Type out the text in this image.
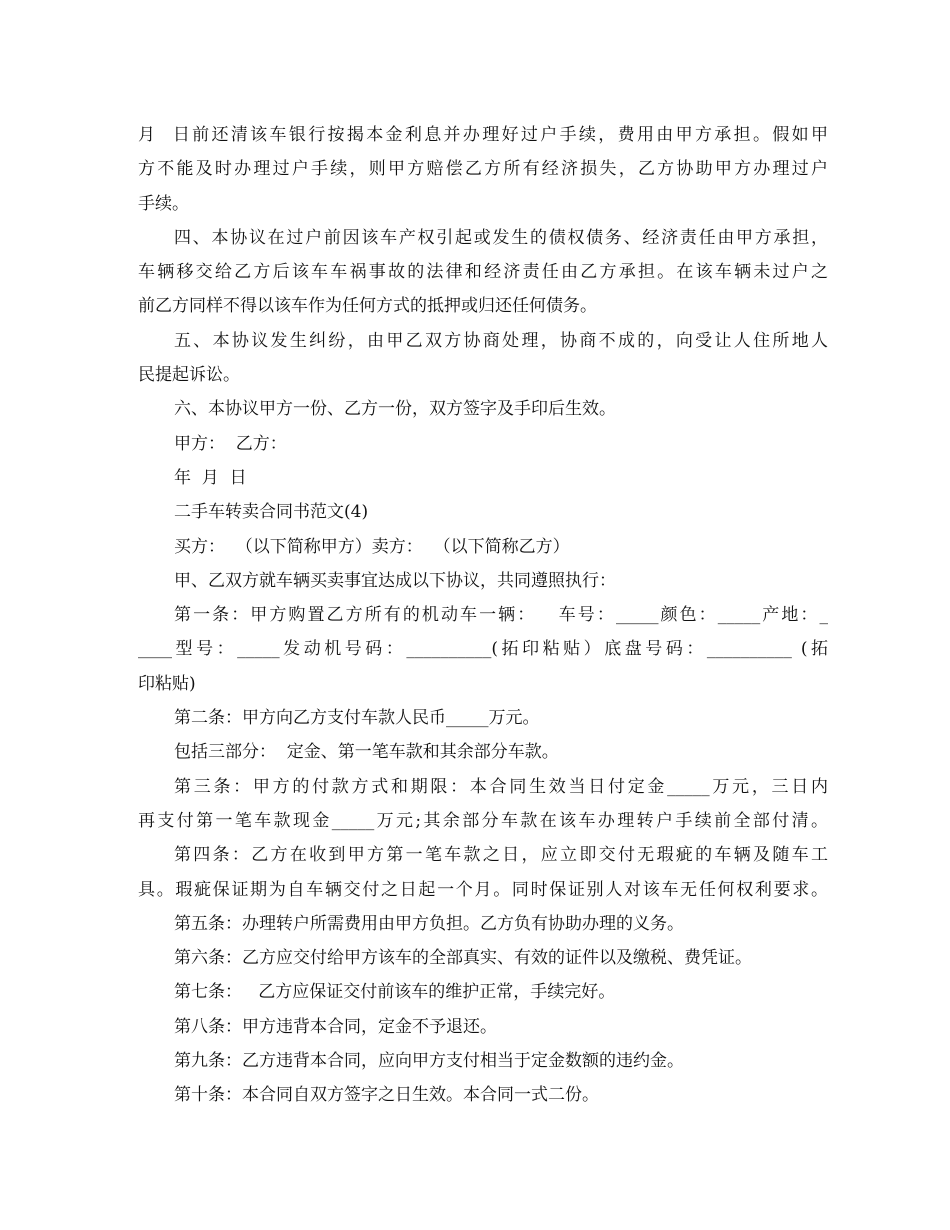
月  日前还清该车银行按揭本金利息并办理好过户手续，费用由甲方承担。假如甲
方不能及时办理过户手续，则甲方赔偿乙方所有经济损失，乙方协助甲方办理过户
手续。
四、本协议在过户前因该车产权引起或发生的债权债务、经济责任由甲方承担，
车辆移交给乙方后该车车祸事故的法律和经济责任由乙方承担。在该车辆未过户之
前乙方同样不得以该车作为任何方式的抵押或归还任何债务。
五、本协议发生纠纷，由甲乙双方协商处理，协商不成的，向受让人住所地人
民提起诉讼。
六、本协议甲方一份、乙方一份，双方签字及手印后生效。
甲方：  乙方：
年  月  日
二手车转卖合同书范文(4)
买方：  （以下简称甲方）卖方：  （以下简称乙方）
甲、乙双方就车辆买卖事宜达成以下协议，共同遵照执行：
第一条：甲方购置乙方所有的机动车一辆：   车号：_____颜色：_____产地：_
____型号：_____发动机号码：__________(拓印粘贴）底盘号码：__________ (拓
印粘贴)
第二条：甲方向乙方支付车款人民币_____万元。
包括三部分：  定金、第一笔车款和其余部分车款。
第三条：甲方的付款方式和期限：本合同生效当日付定金_____万元，三日内
再支付第一笔车款现金_____万元;其余部分车款在该车办理转户手续前全部付清。
第四条：乙方在收到甲方第一笔车款之日，应立即交付无瑕疵的车辆及随车工
具。瑕疵保证期为自车辆交付之日起一个月。同时保证别人对该车无任何权利要求。
第五条：办理转户所需费用由甲方负担。乙方负有协助办理的义务。
第六条：乙方应交付给甲方该车的全部真实、有效的证件以及缴税、费凭证。
第七条：   乙方应保证交付前该车的维护正常，手续完好。
第八条：甲方违背本合同，定金不予退还。
第九条：乙方违背本合同，应向甲方支付相当于定金数额的违约金。
第十条：本合同自双方签字之日生效。本合同一式二份。
